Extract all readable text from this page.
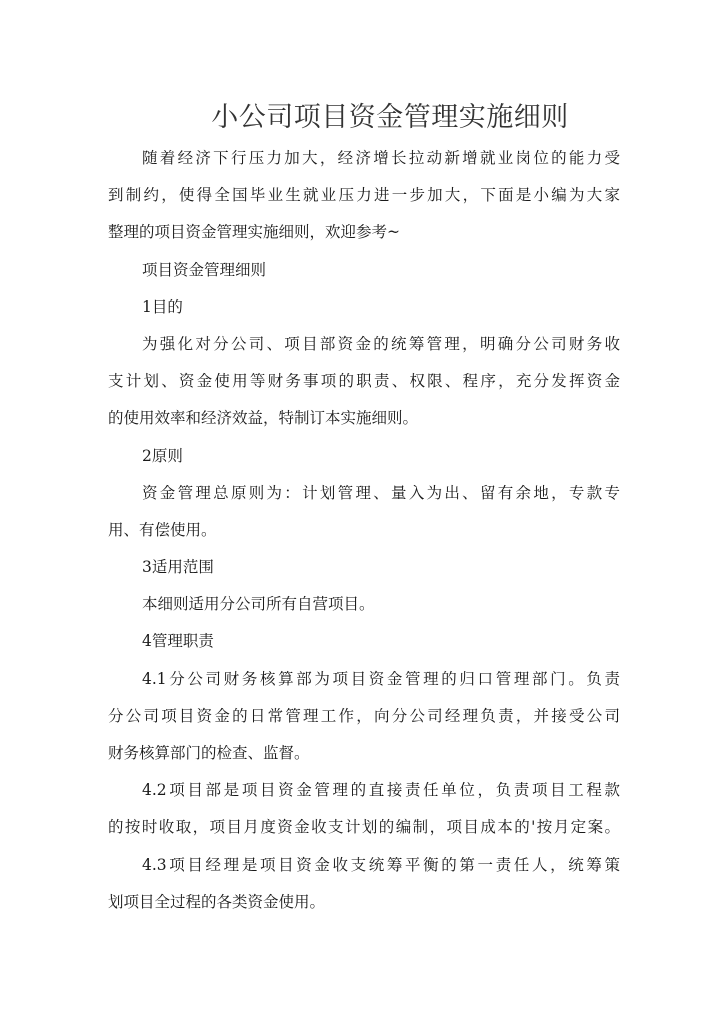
小公司项目资金管理实施细则
随着经济下行压力加大，经济增长拉动新增就业岗位的能力受
到制约，使得全国毕业生就业压力进一步加大，下面是小编为大家
整理的项目资金管理实施细则，欢迎参考~
项目资金管理细则
1目的
为强化对分公司、项目部资金的统筹管理，明确分公司财务收
支计划、资金使用等财务事项的职责、权限、程序，充分发挥资金
的使用效率和经济效益，特制订本实施细则。
2原则
资金管理总原则为：计划管理、量入为出、留有余地，专款专
用、有偿使用。
3适用范围
本细则适用分公司所有自营项目。
4管理职责
4.1分公司财务核算部为项目资金管理的归口管理部门。负责
分公司项目资金的日常管理工作，向分公司经理负责，并接受公司
财务核算部门的检查、监督。
4.2项目部是项目资金管理的直接责任单位，负责项目工程款
的按时收取，项目月度资金收支计划的编制，项目成本的'按月定案。
4.3项目经理是项目资金收支统筹平衡的第一责任人，统筹策
划项目全过程的各类资金使用。
